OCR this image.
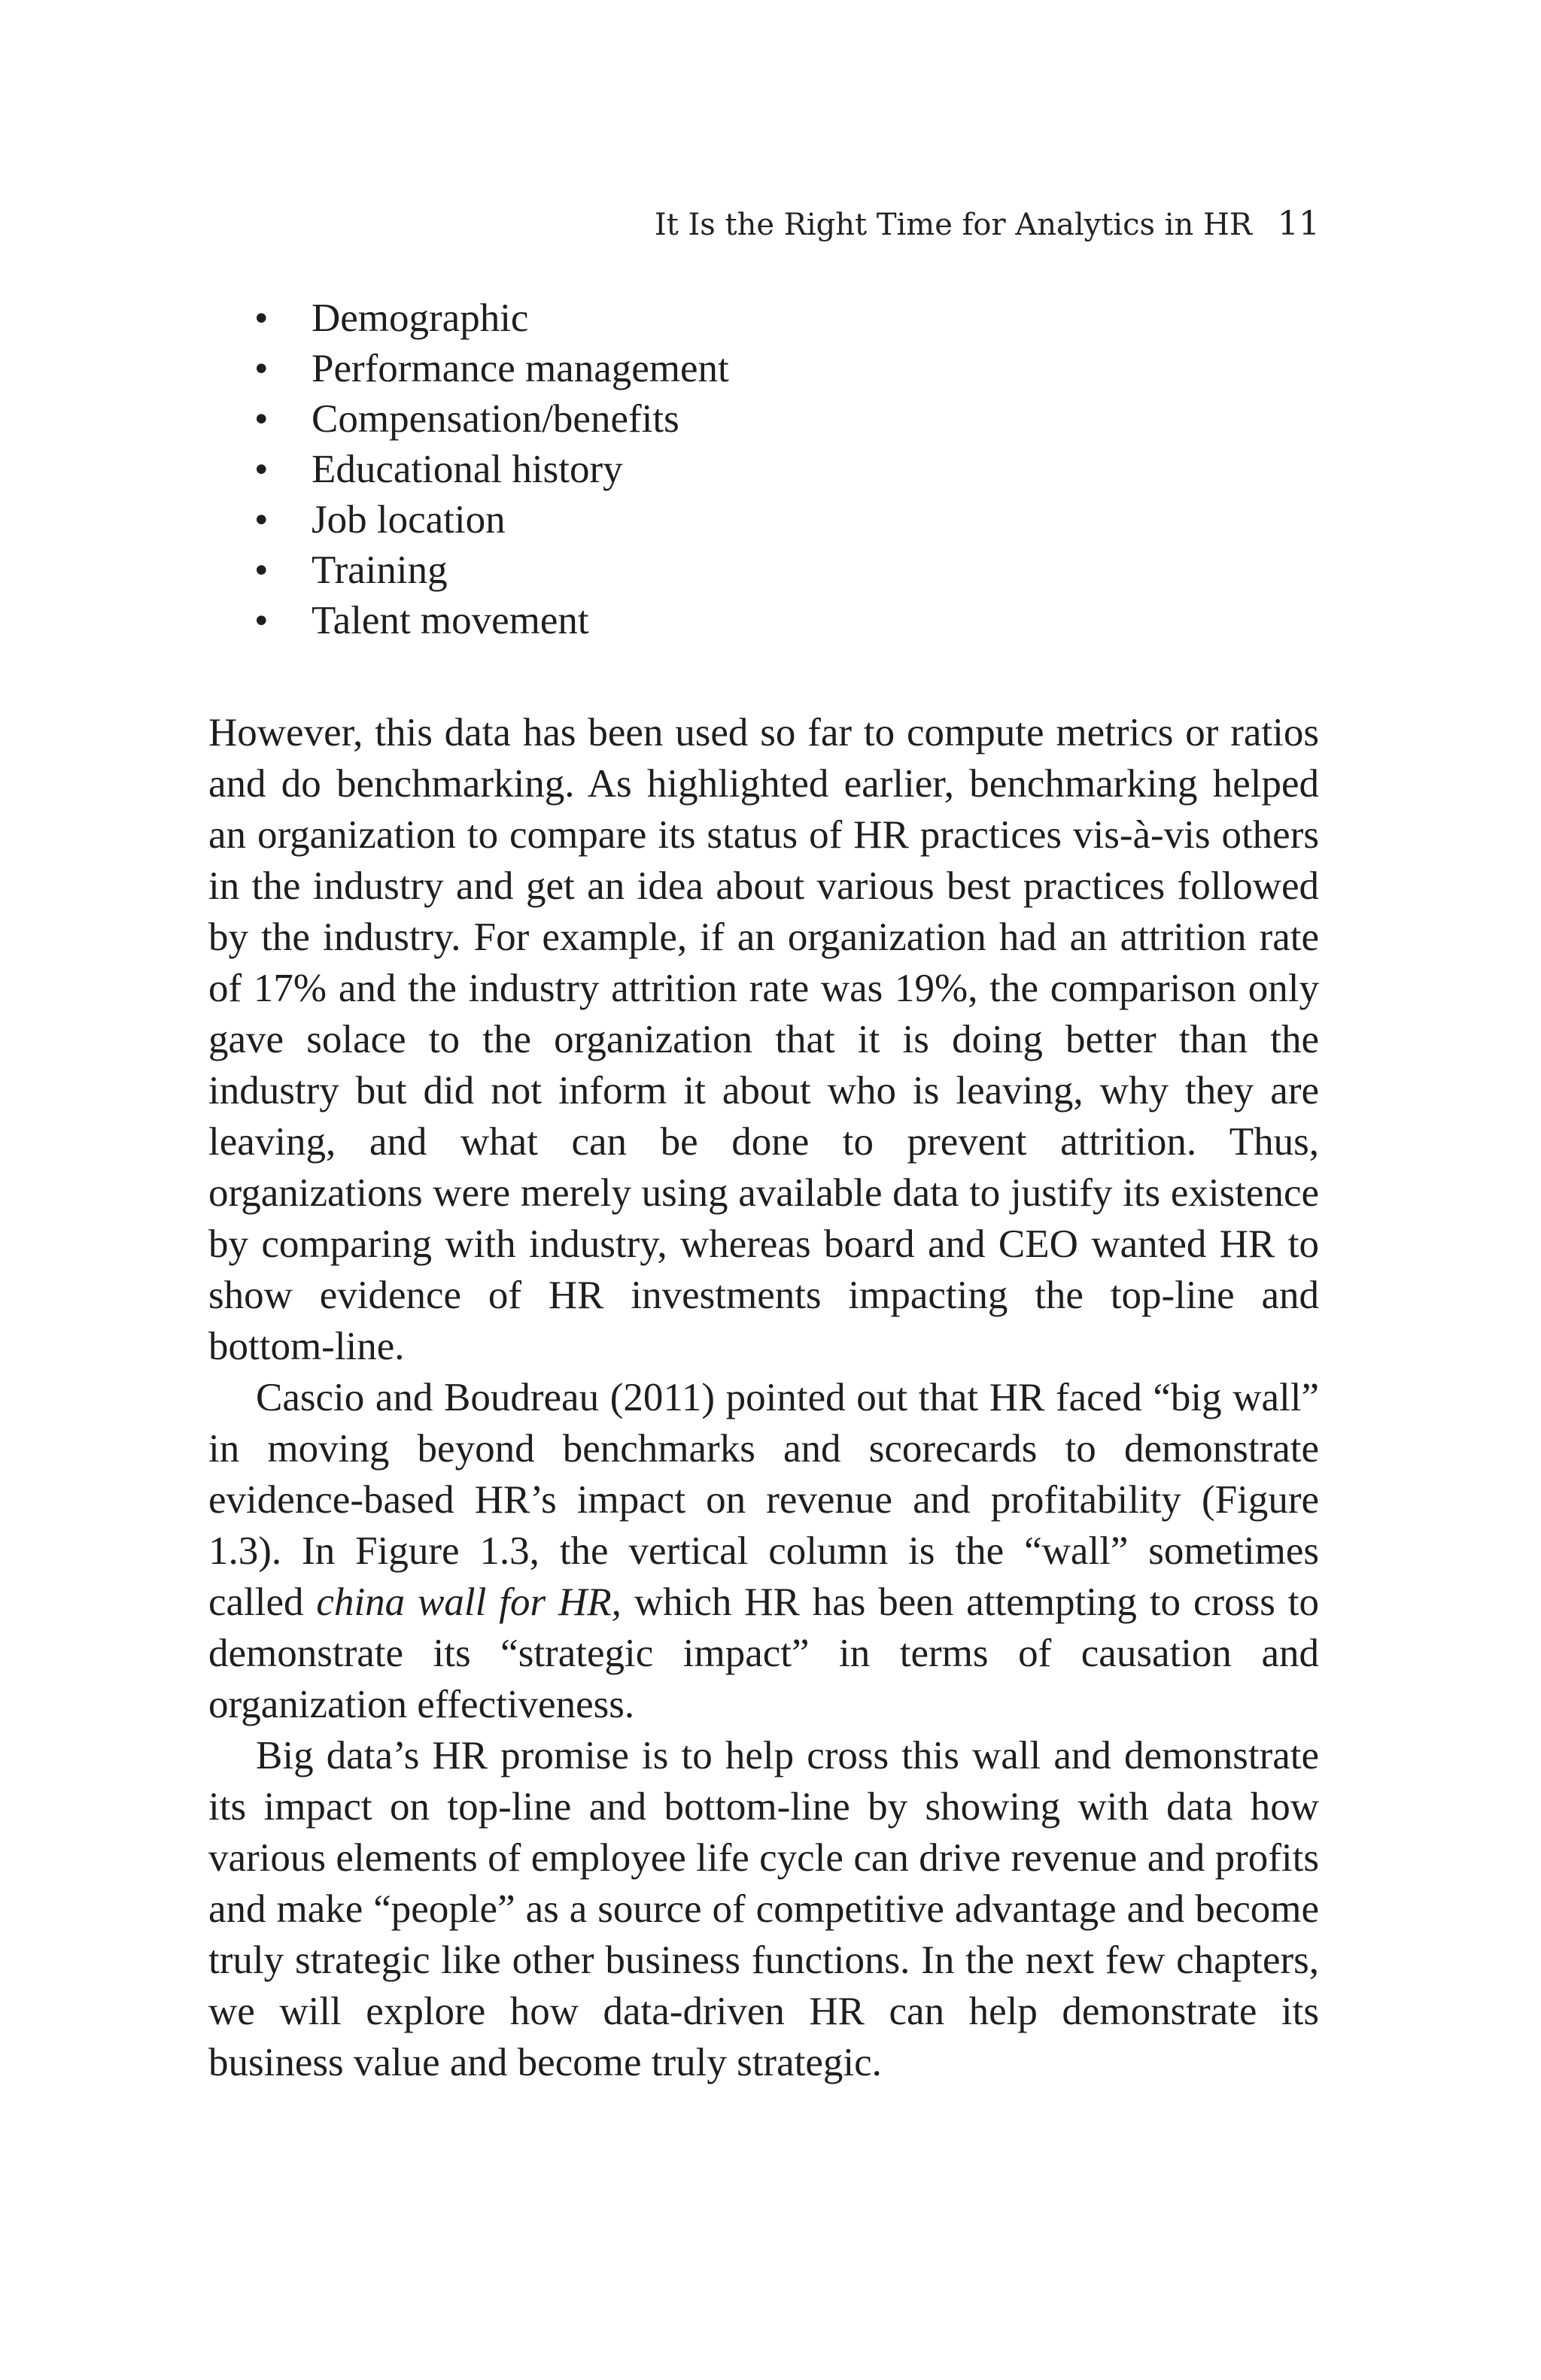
It Is the Right Time for Analytics in HR 11
• Demographic
• Performance management
• Compensation/benefits
• Educational history
• Job location
• Training
• Talent movement

However, this data has been used so far to compute metrics or ratios and do benchmarking. As highlighted earlier, benchmarking helped an organization to compare its status of HR practices vis-à-vis others in the industry and get an idea about various best practices followed by the industry. For example, if an organization had an attrition rate of 17% and the industry attrition rate was 19%, the comparison only gave solace to the organization that it is doing better than the industry but did not inform it about who is leaving, why they are leaving, and what can be done to prevent attrition. Thus, organizations were merely using available data to justify its existence by comparing with industry, whereas board and CEO wanted HR to show evidence of HR investments impacting the top-line and bottom-line.

Cascio and Boudreau (2011) pointed out that HR faced “big wall” in moving beyond benchmarks and scorecards to demonstrate evidence-based HR’s impact on revenue and profitability (Figure 1.3). In Figure 1.3, the vertical column is the “wall” sometimes called china wall for HR, which HR has been attempting to cross to demonstrate its “strategic impact” in terms of causation and organization effectiveness.

Big data’s HR promise is to help cross this wall and demonstrate its impact on top-line and bottom-line by showing with data how various elements of employee life cycle can drive revenue and profits and make “people” as a source of competitive advantage and become truly strategic like other business functions. In the next few chapters, we will explore how data-driven HR can help demonstrate its business value and become truly strategic.
